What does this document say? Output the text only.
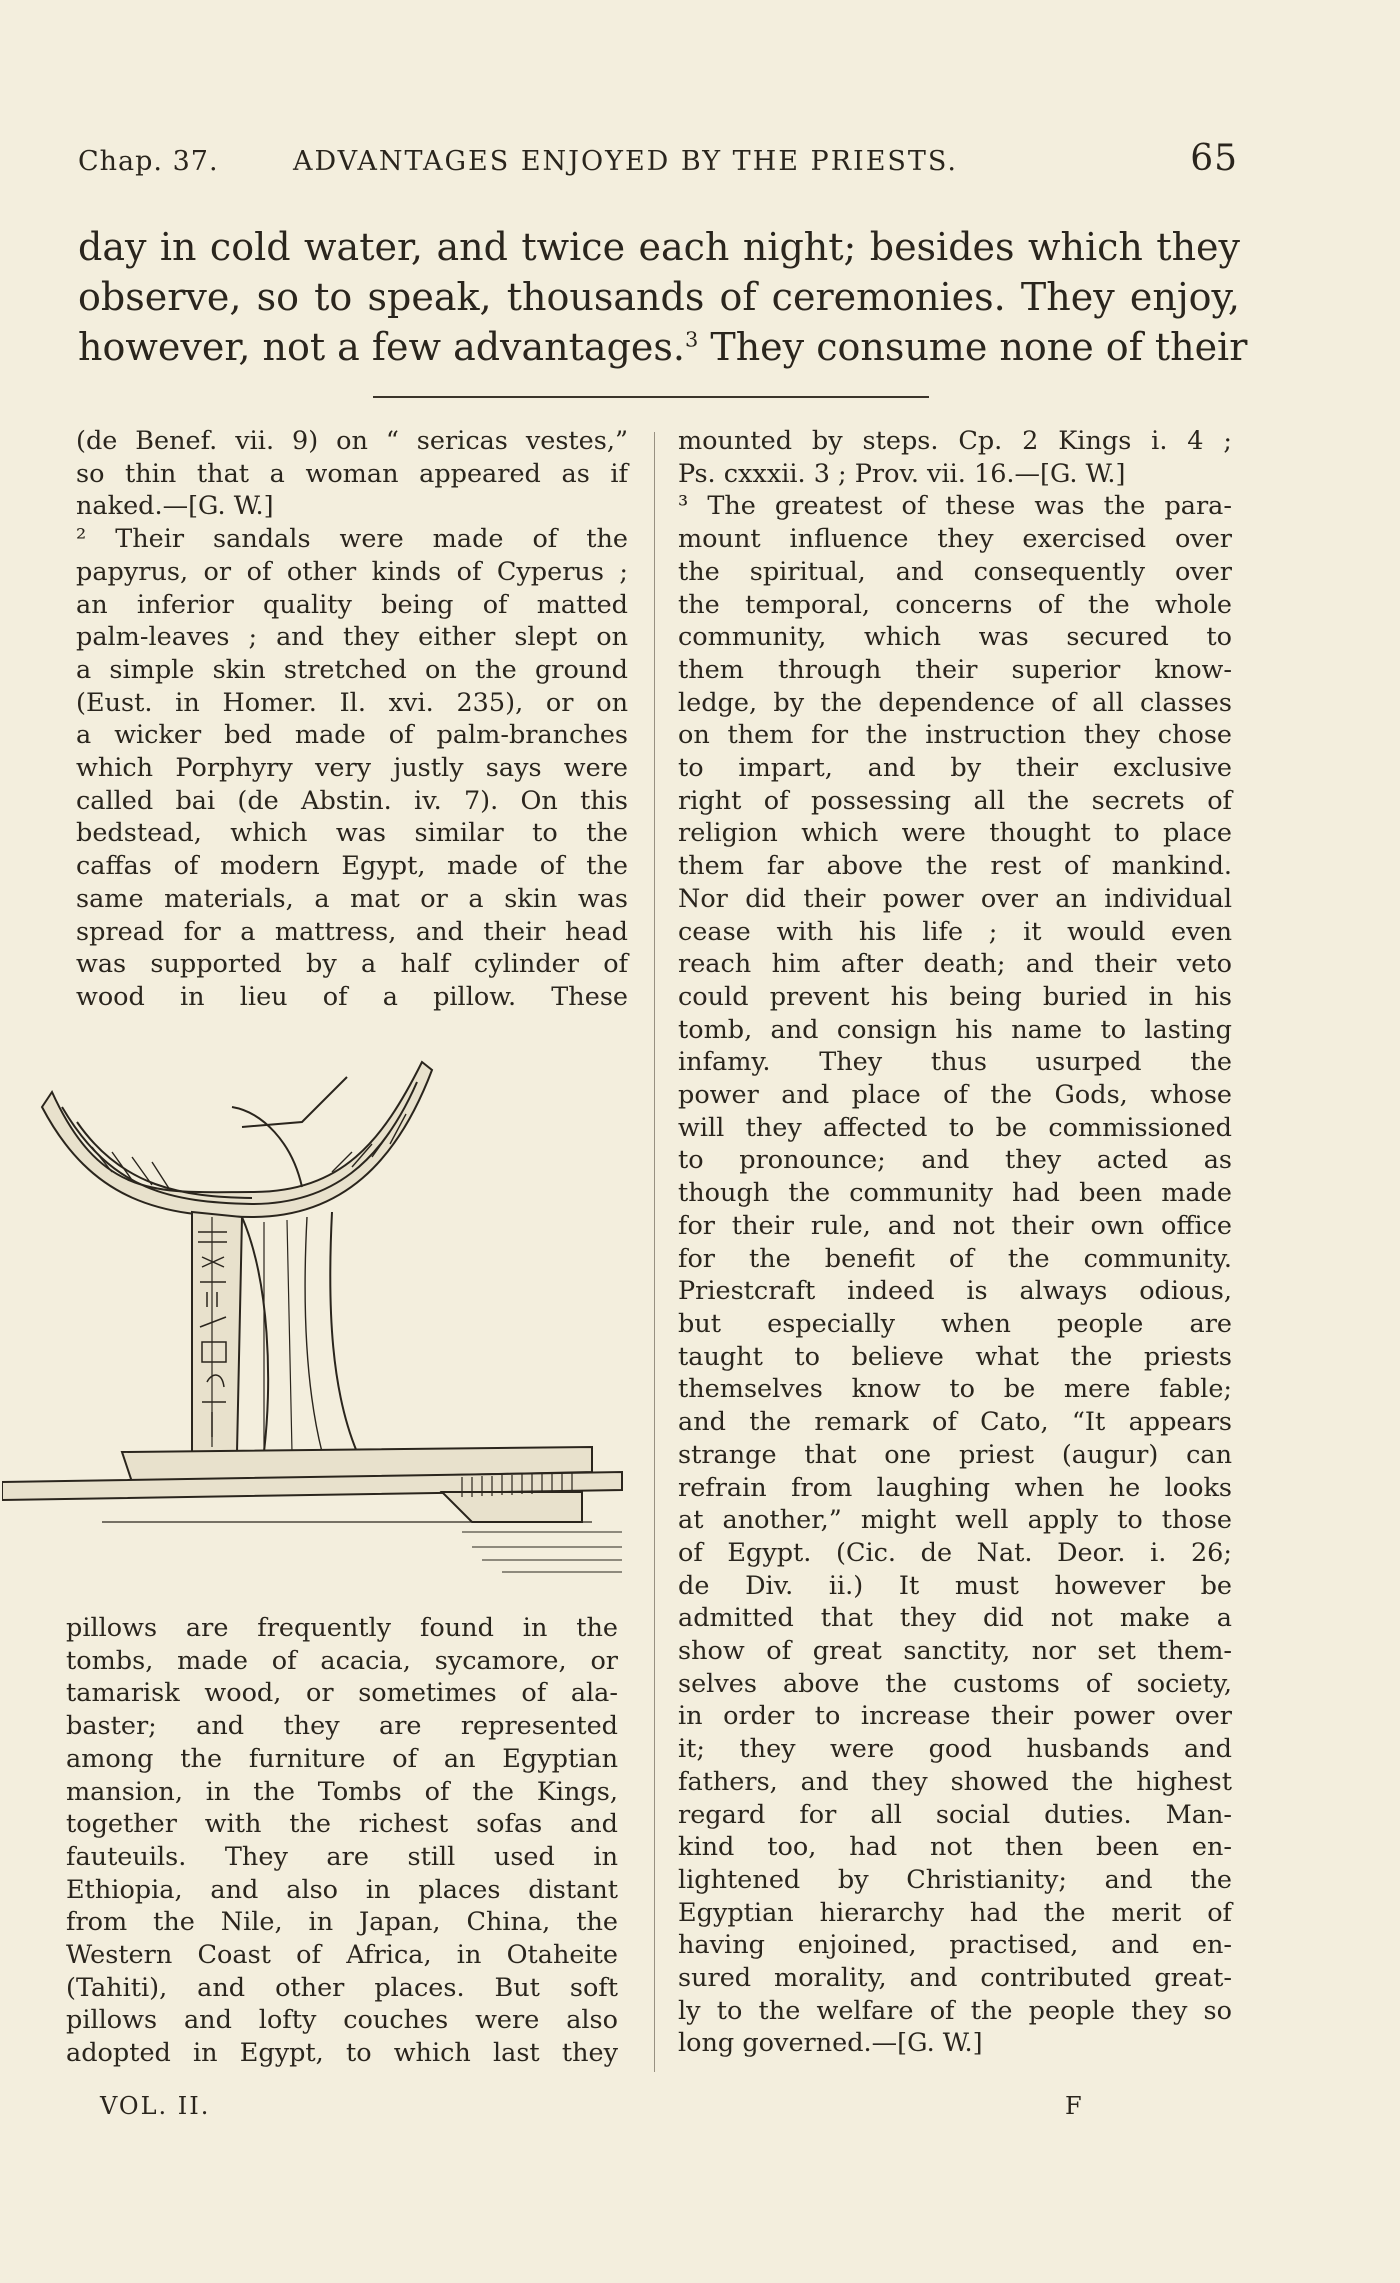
Chap. 37.	ADVANTAGES ENJOYED BY THE PRIESTS.	65
day in cold water, and twice each night; besides which they
observe, so to speak, thousands of ceremonies. They enjoy,
however, not a few advantages.$^3$ They consume none of their
(de Benef. vii. 9) on “ sericas vestes,”
so thin that a woman appeared as if
naked.—[G. W.]
² Their sandals were made of the
papyrus, or of other kinds of Cyperus ;
an inferior quality being of matted
palm-leaves ; and they either slept on
a simple skin stretched on the ground
(Eust. in Homer. Il. xvi. 235), or on
a wicker bed made of palm-branches
which Porphyry very justly says were
called bai (de Abstin. iv. 7). On this
bedstead, which was similar to the
caffas of modern Egypt, made of the
same materials, a mat or a skin was
spread for a mattress, and their head
was supported by a half cylinder of
wood in lieu of a pillow. These
pillows are frequently found in the
tombs, made of acacia, sycamore, or
tamarisk wood, or sometimes of ala-
baster; and they are represented
among the furniture of an Egyptian
mansion, in the Tombs of the Kings,
together with the richest sofas and
fauteuils. They are still used in
Ethiopia, and also in places distant
from the Nile, in Japan, China, the
Western Coast of Africa, in Otaheite
(Tahiti), and other places. But soft
pillows and lofty couches were also
adopted in Egypt, to which last they
mounted by steps. Cp. 2 Kings i. 4 ;
Ps. cxxxii. 3 ; Prov. vii. 16.—[G. W.]
³ The greatest of these was the para-
mount influence they exercised over
the spiritual, and consequently over
the temporal, concerns of the whole
community, which was secured to
them through their superior know-
ledge, by the dependence of all classes
on them for the instruction they chose
to impart, and by their exclusive
right of possessing all the secrets of
religion which were thought to place
them far above the rest of mankind.
Nor did their power over an individual
cease with his life ; it would even
reach him after death; and their veto
could prevent his being buried in his
tomb, and consign his name to lasting
infamy. They thus usurped the
power and place of the Gods, whose
will they affected to be commissioned
to pronounce; and they acted as
though the community had been made
for their rule, and not their own office
for the benefit of the community.
Priestcraft indeed is always odious,
but especially when people are
taught to believe what the priests
themselves know to be mere fable;
and the remark of Cato, “It appears
strange that one priest (augur) can
refrain from laughing when he looks
at another,” might well apply to those
of Egypt. (Cic. de Nat. Deor. i. 26;
de Div. ii.) It must however be
admitted that they did not make a
show of great sanctity, nor set them-
selves above the customs of society,
in order to increase their power over
it; they were good husbands and
fathers, and they showed the highest
regard for all social duties. Man-
kind too, had not then been en-
lightened by Christianity; and the
Egyptian hierarchy had the merit of
having enjoined, practised, and en-
sured morality, and contributed great-
ly to the welfare of the people they so
long governed.—[G. W.]
VOL. II.	F
